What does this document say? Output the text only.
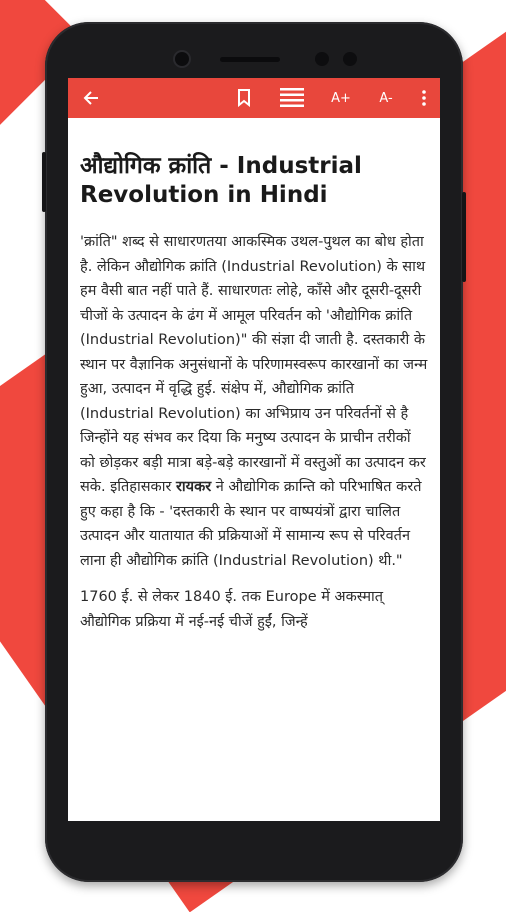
A+ A-
औद्योगिक क्रांति - Industrial Revolution in Hindi

'क्रांति" शब्द से साधारणतया आकस्मिक उथल-पुथल का बोध होता है. लेकिन औद्योगिक क्रांति (Industrial Revolution) के साथ हम वैसी बात नहीं पाते हैं. साधारणतः लोहे, काँसे और दूसरी-दूसरी चीजों के उत्पादन के ढंग में आमूल परिवर्तन को 'औद्योगिक क्रांति (Industrial Revolution)" की संज्ञा दी जाती है. दस्तकारी के स्थान पर वैज्ञानिक अनुसंधानों के परिणामस्वरूप कारखानों का जन्म हुआ, उत्पादन में वृद्धि हुई. संक्षेप में, औद्योगिक क्रांति (Industrial Revolution) का अभिप्राय उन परिवर्तनों से है जिन्होंने यह संभव कर दिया कि मनुष्य उत्पादन के प्राचीन तरीकों को छोड़कर बड़ी मात्रा बड़े-बड़े कारखानों में वस्तुओं का उत्पादन कर सके. इतिहासकार रायकर ने औद्योगिक क्रान्ति को परिभाषित करते हुए कहा है कि - 'दस्तकारी के स्थान पर वाष्पयंत्रों द्वारा चालित उत्पादन और यातायात की प्रक्रियाओं में सामान्य रूप से परिवर्तन लाना ही औद्योगिक क्रांति (Industrial Revolution) थी."

1760 ई. से लेकर 1840 ई. तक Europe में अकस्मात् औद्योगिक प्रक्रिया में नई-नई चीजें हुईं, जिन्हें
